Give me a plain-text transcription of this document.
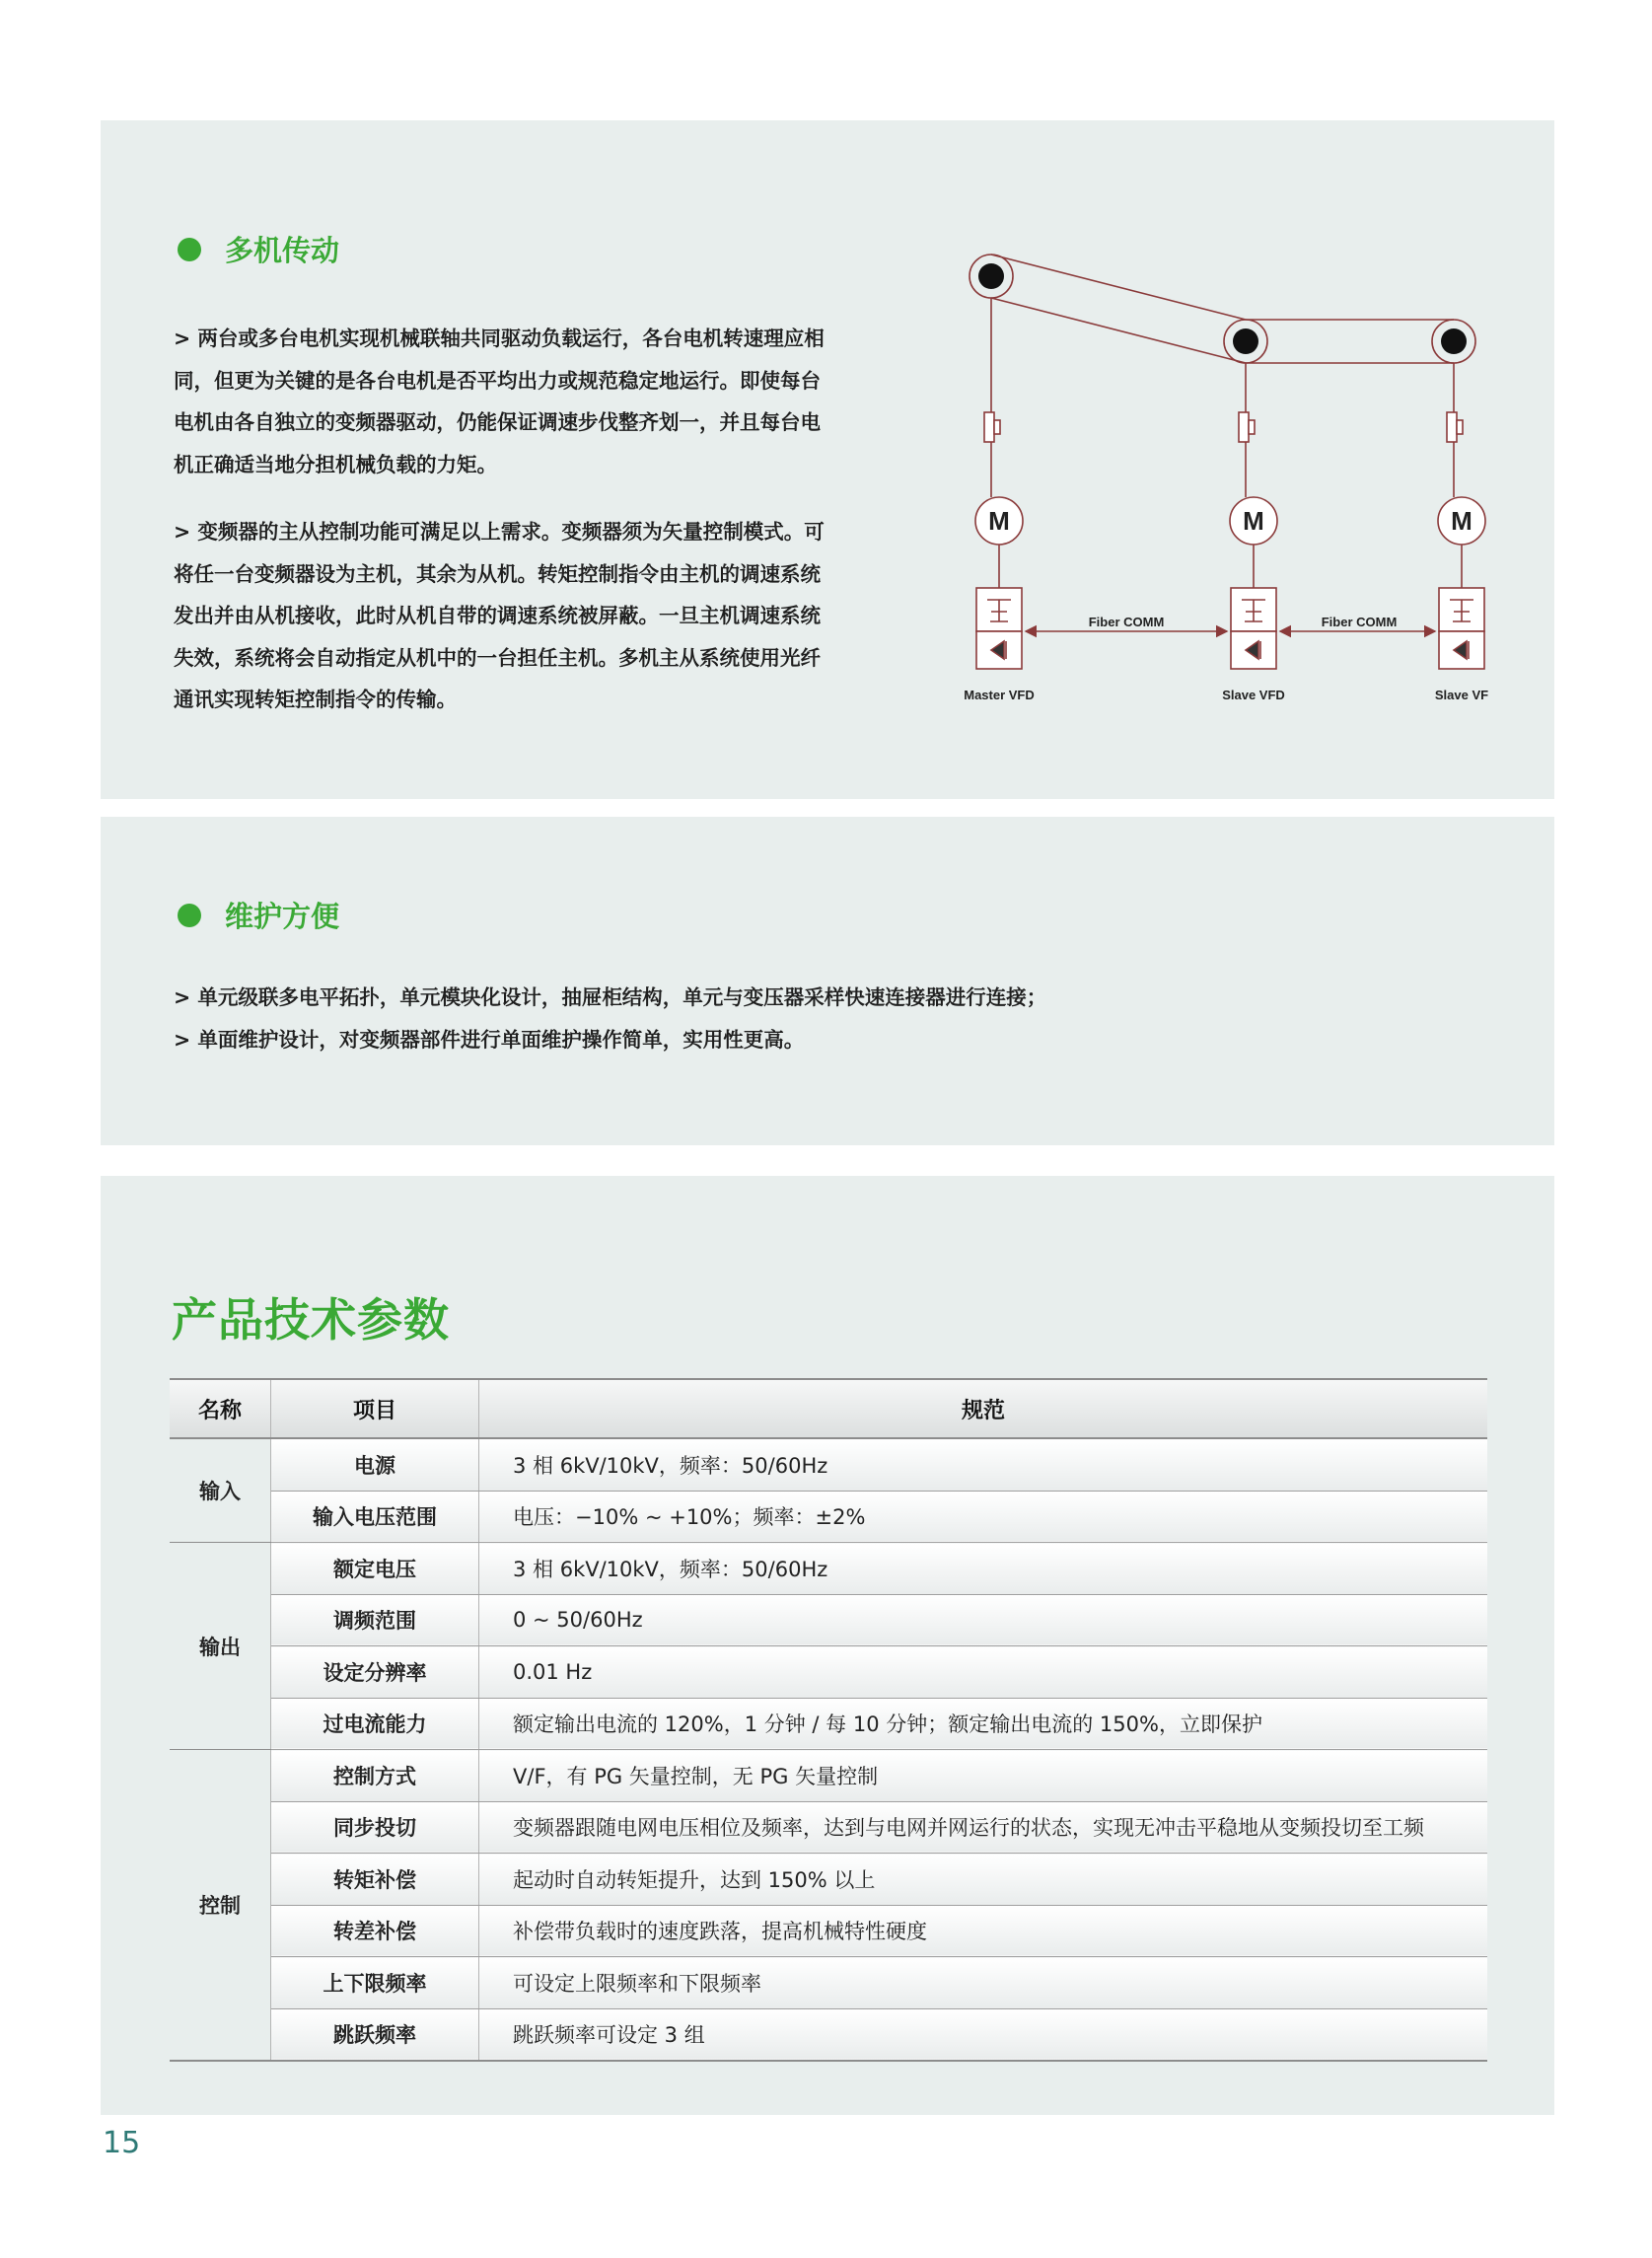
多机传动
> 两台或多台电机实现机械联轴共同驱动负载运行，各台电机转速理应相
同，但更为关键的是各台电机是否平均出力或规范稳定地运行。即使每台
电机由各自独立的变频器驱动，仍能保证调速步伐整齐划一，并且每台电
机正确适当地分担机械负载的力矩。
> 变频器的主从控制功能可满足以上需求。变频器须为矢量控制模式。可
将任一台变频器设为主机，其余为从机。转矩控制指令由主机的调速系统
发出并由从机接收，此时从机自带的调速系统被屏蔽。一旦主机调速系统
失效，系统将会自动指定从机中的一台担任主机。多机主从系统使用光纤
通讯实现转矩控制指令的传输。
M	M	M
Fiber COMM	Fiber COMM
Master VFD	Slave VFD	Slave VF
维护方便
> 单元级联多电平拓扑，单元模块化设计，抽屉柜结构，单元与变压器采样快速连接器进行连接；
> 单面维护设计，对变频器部件进行单面维护操作简单，实用性更高。
产品技术参数
名称	项目	规范
输入	电源	3 相 6kV/10kV，频率：50/60Hz
	输入电压范围	电压：−10% ~ +10%；频率：±2%
输出	额定电压	3 相 6kV/10kV，频率：50/60Hz
	调频范围	0 ~ 50/60Hz
	设定分辨率	0.01 Hz
	过电流能力	额定输出电流的 120%，1 分钟 / 每 10 分钟；额定输出电流的 150%，立即保护
控制	控制方式	V/F，有 PG 矢量控制，无 PG 矢量控制
	同步投切	变频器跟随电网电压相位及频率，达到与电网并网运行的状态，实现无冲击平稳地从变频投切至工频
	转矩补偿	起动时自动转矩提升，达到 150% 以上
	转差补偿	补偿带负载时的速度跌落，提高机械特性硬度
	上下限频率	可设定上限频率和下限频率
	跳跃频率	跳跃频率可设定 3 组
15
